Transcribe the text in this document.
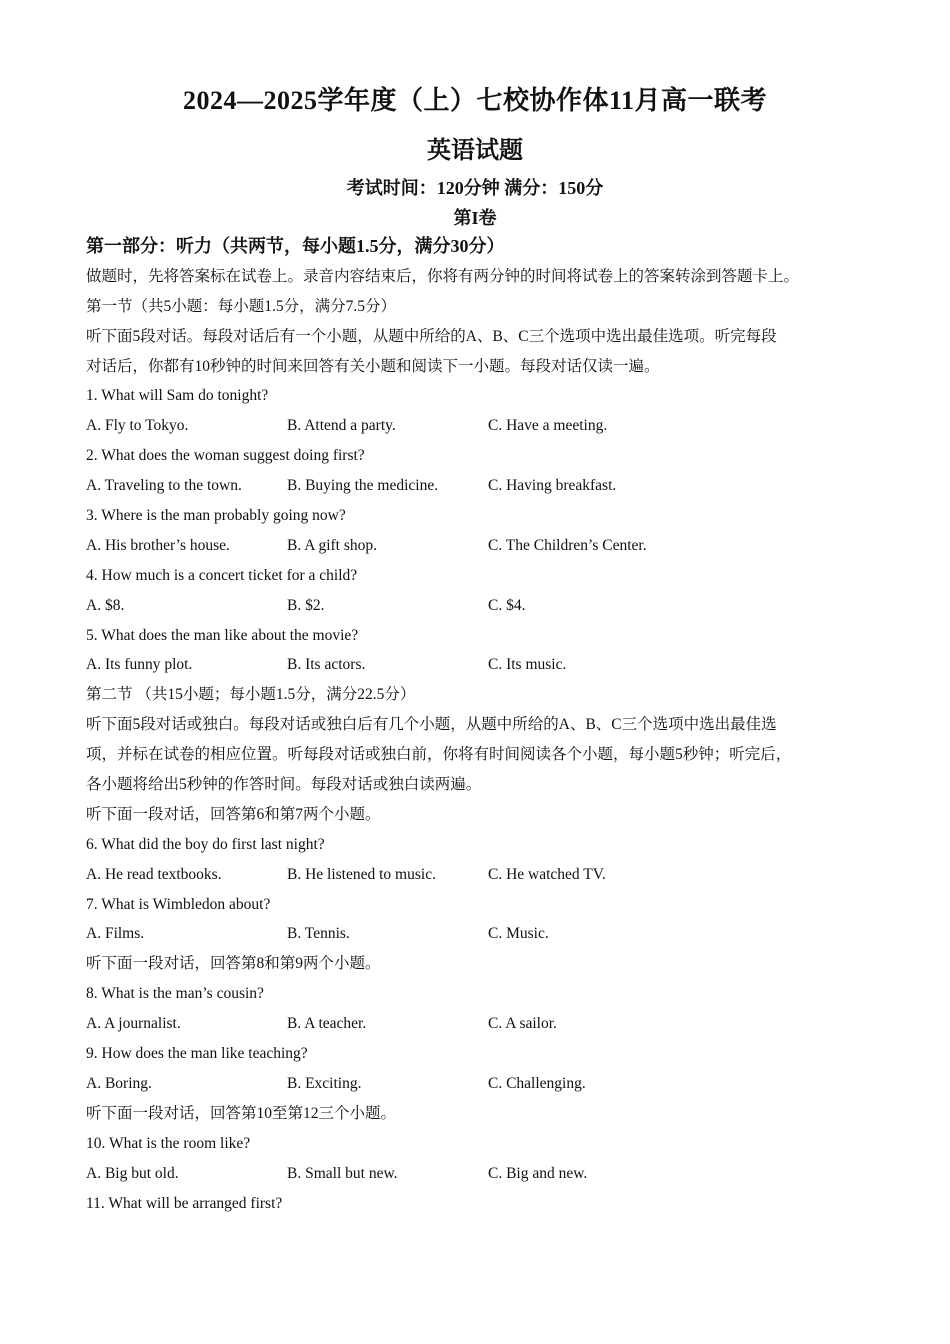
2024—2025学年度（上）七校协作体11月高一联考
英语试题
考试时间：120分钟 满分：150分
第I卷
第一部分：听力（共两节，每小题1.5分，满分30分）
做题时，先将答案标在试卷上。录音内容结束后，你将有两分钟的时间将试卷上的答案转涂到答题卡上。
第一节（共5小题：每小题1.5分，满分7.5分）
听下面5段对话。每段对话后有一个小题，从题中所给的A、B、C三个选项中选出最佳选项。听完每段
对话后，你都有10秒钟的时间来回答有关小题和阅读下一小题。每段对话仅读一遍。
1. What will Sam do tonight?
A. Fly to Tokyo.	B. Attend a party.	C. Have a meeting.
2. What does the woman suggest doing first?
A. Traveling to the town.	B. Buying the medicine.	C. Having breakfast.
3. Where is the man probably going now?
A. His brother’s house.	B. A gift shop.	C. The Children’s Center.
4. How much is a concert ticket for a child?
A. $8.	B. $2.	C. $4.
5. What does the man like about the movie?
A. Its funny plot.	B. Its actors.	C. Its music.
第二节 （共15小题；每小题1.5分，满分22.5分）
听下面5段对话或独白。每段对话或独白后有几个小题，从题中所给的A、B、C三个选项中选出最佳选
项，并标在试卷的相应位置。听每段对话或独白前，你将有时间阅读各个小题，每小题5秒钟；听完后，
各小题将给出5秒钟的作答时间。每段对话或独白读两遍。
听下面一段对话，回答第6和第7两个小题。
6. What did the boy do first last night?
A. He read textbooks.	B. He listened to music.	C. He watched TV.
7. What is Wimbledon about?
A. Films.	B. Tennis.	C. Music.
听下面一段对话，回答第8和第9两个小题。
8. What is the man’s cousin?
A. A journalist.	B. A teacher.	C. A sailor.
9. How does the man like teaching?
A. Boring.	B. Exciting.	C. Challenging.
听下面一段对话，回答第10至第12三个小题。
10. What is the room like?
A. Big but old.	B. Small but new.	C. Big and new.
11. What will be arranged first?
